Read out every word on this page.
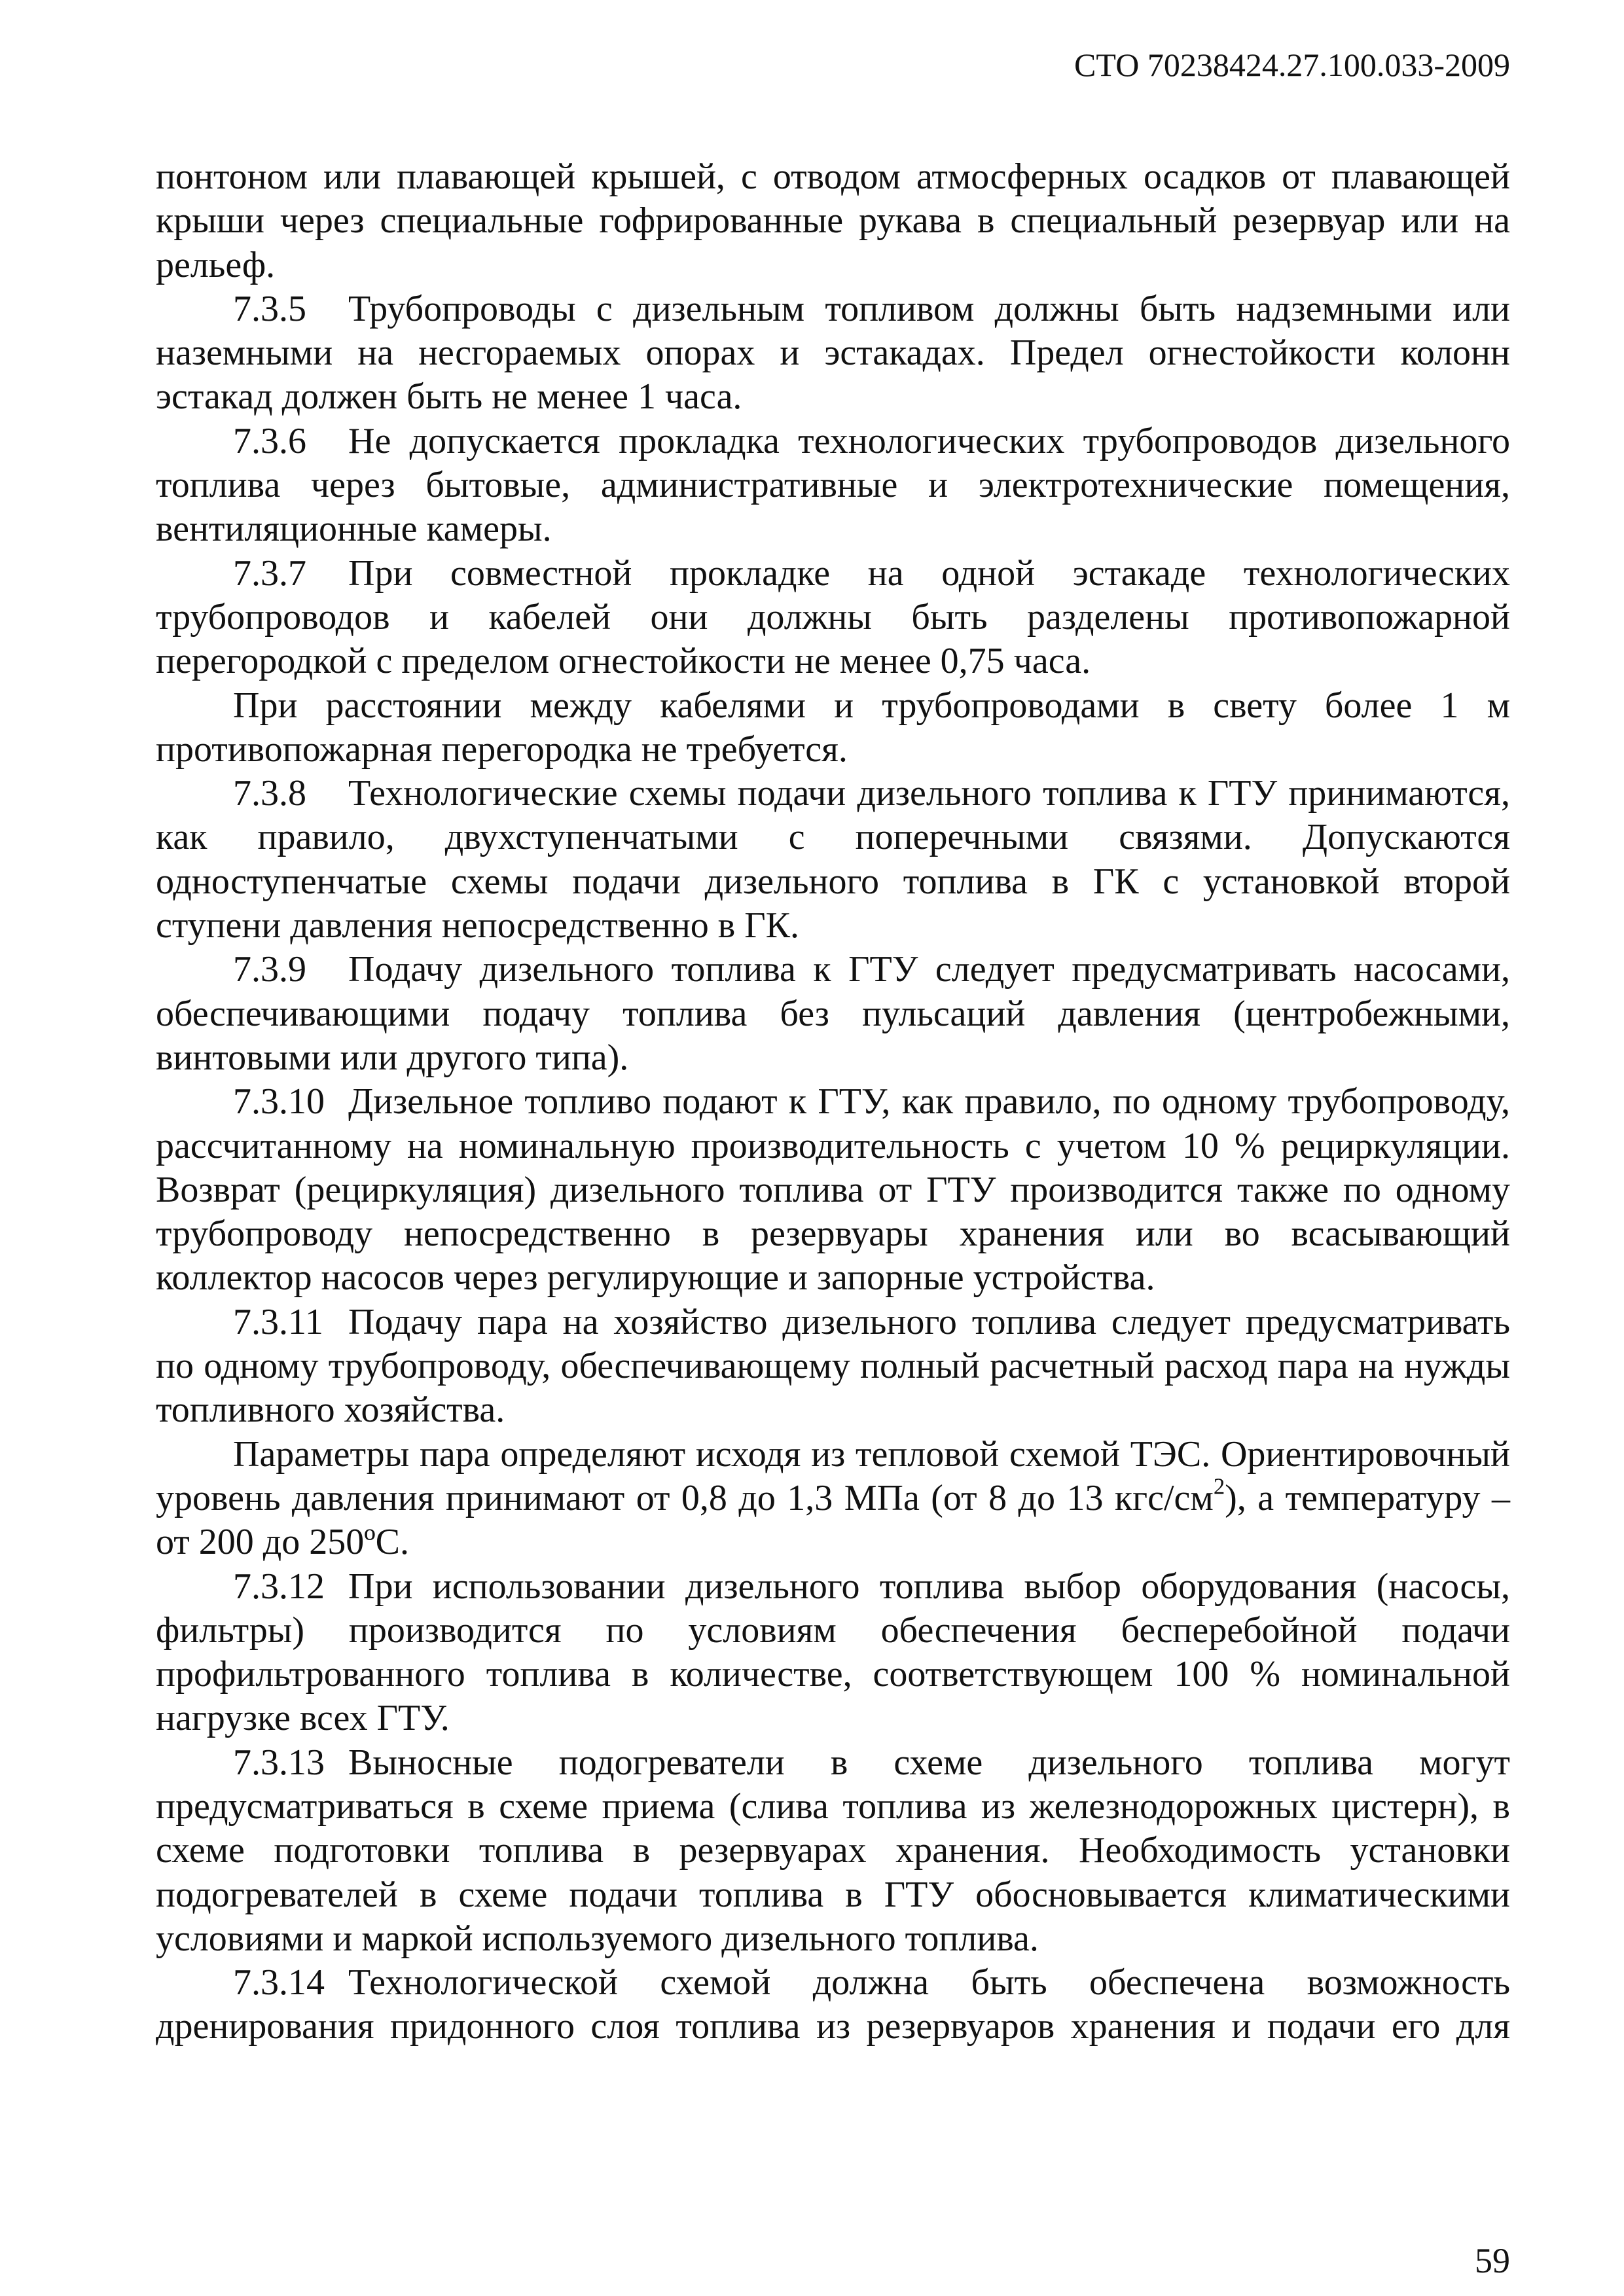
СТО 70238424.27.100.033-2009

понтоном или плавающей крышей, с отводом атмосферных осадков от плавающей крыши через специальные гофрированные рукава в специальный резервуар или на рельеф.

7.3.5 Трубопроводы с дизельным топливом должны быть надземными или наземными на несгораемых опорах и эстакадах. Предел огнестойкости колонн эстакад должен быть не менее 1 часа.

7.3.6 Не допускается прокладка технологических трубопроводов дизельного топлива через бытовые, административные и электротехнические помещения, вентиляционные камеры.

7.3.7 При совместной прокладке на одной эстакаде технологических трубопроводов и кабелей они должны быть разделены противопожарной перегородкой с пределом огнестойкости не менее 0,75 часа.

При расстоянии между кабелями и трубопроводами в свету более 1 м противопожарная перегородка не требуется.

7.3.8 Технологические схемы подачи дизельного топлива к ГТУ принимаются, как правило, двухступенчатыми с поперечными связями. Допускаются одноступенчатые схемы подачи дизельного топлива в ГК с установкой второй ступени давления непосредственно в ГК.

7.3.9 Подачу дизельного топлива к ГТУ следует предусматривать насосами, обеспечивающими подачу топлива без пульсаций давления (центробежными, винтовыми или другого типа).

7.3.10 Дизельное топливо подают к ГТУ, как правило, по одному трубопроводу, рассчитанному на номинальную производительность с учетом 10 % рециркуляции. Возврат (рециркуляция) дизельного топлива от ГТУ производится также по одному трубопроводу непосредственно в резервуары хранения или во всасывающий коллектор насосов через регулирующие и запорные устройства.

7.3.11 Подачу пара на хозяйство дизельного топлива следует предусматривать по одному трубопроводу, обеспечивающему полный расчетный расход пара на нужды топливного хозяйства.

Параметры пара определяют исходя из тепловой схемой ТЭС. Ориентировочный уровень давления принимают от 0,8 до 1,3 МПа (от 8 до 13 кгс/$см^2$), а температуру – от 200 до 250ºС.

7.3.12 При использовании дизельного топлива выбор оборудования (насосы, фильтры) производится по условиям обеспечения бесперебойной подачи профильтрованного топлива в количестве, соответствующем 100 % номинальной нагрузке всех ГТУ.

7.3.13 Выносные подогреватели в схеме дизельного топлива могут предусматриваться в схеме приема (слива топлива из железнодорожных цистерн), в схеме подготовки топлива в резервуарах хранения. Необходимость установки подогревателей в схеме подачи топлива в ГТУ обосновывается климатическими условиями и маркой используемого дизельного топлива.

7.3.14 Технологической схемой должна быть обеспечена возможность дренирования придонного слоя топлива из резервуаров хранения и подачи его для

59
